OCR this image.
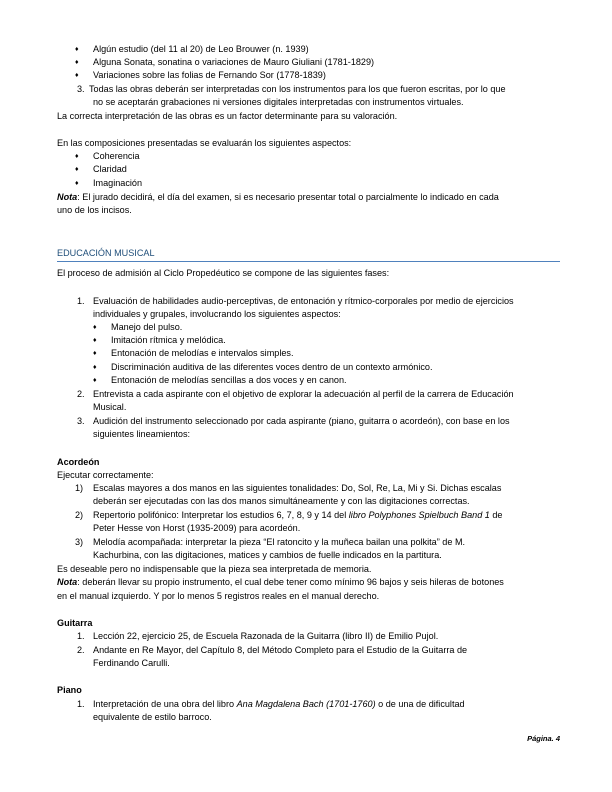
♦ Algún estudio (del 11 al 20) de Leo Brouwer (n. 1939)
♦ Alguna Sonata, sonatina o variaciones de Mauro Giuliani (1781-1829)
♦ Variaciones sobre las folias de Fernando Sor (1778-1839)
3. Todas las obras deberán ser interpretadas con los instrumentos para los que fueron escritas, por lo que
no se aceptarán grabaciones ni versiones digitales interpretadas con instrumentos virtuales.
La correcta interpretación de las obras es un factor determinante para su valoración.
En las composiciones presentadas se evaluarán los siguientes aspectos:
♦ Coherencia
♦ Claridad
♦ Imaginación
Nota: El jurado decidirá, el día del examen, si es necesario presentar total o parcialmente lo indicado en cada
uno de los incisos.
EDUCACIÓN MUSICAL
El proceso de admisión al Ciclo Propedéutico se compone de las siguientes fases:
1. Evaluación de habilidades audio-perceptivas, de entonación y rítmico-corporales por medio de ejercicios
individuales y grupales, involucrando los siguientes aspectos:
♦ Manejo del pulso.
♦ Imitación rítmica y melódica.
♦ Entonación de melodías e intervalos simples.
♦ Discriminación auditiva de las diferentes voces dentro de un contexto armónico.
♦ Entonación de melodías sencillas a dos voces y en canon.
2. Entrevista a cada aspirante con el objetivo de explorar la adecuación al perfil de la carrera de Educación
Musical.
3. Audición del instrumento seleccionado por cada aspirante (piano, guitarra o acordeón), con base en los
siguientes lineamientos:
Acordeón
Ejecutar correctamente:
1) Escalas mayores a dos manos en las siguientes tonalidades: Do, Sol, Re, La, Mi y Si. Dichas escalas
deberán ser ejecutadas con las dos manos simultáneamente y con las digitaciones correctas.
2) Repertorio polifónico: Interpretar los estudios 6, 7, 8, 9 y 14 del libro Polyphones Spielbuch Band 1 de
Peter Hesse von Horst (1935-2009) para acordeón.
3) Melodía acompañada: interpretar la pieza “El ratoncito y la muñeca bailan una polkita” de M.
Kachurbina, con las digitaciones, matices y cambios de fuelle indicados en la partitura.
Es deseable pero no indispensable que la pieza sea interpretada de memoria.
Nota: deberán llevar su propio instrumento, el cual debe tener como mínimo 96 bajos y seis hileras de botones
en el manual izquierdo. Y por lo menos 5 registros reales en el manual derecho.
Guitarra
1. Lección 22, ejercicio 25, de Escuela Razonada de la Guitarra (libro II) de Emilio Pujol.
2. Andante en Re Mayor, del Capítulo 8, del Método Completo para el Estudio de la Guitarra de
Ferdinando Carulli.
Piano
1. Interpretación de una obra del libro Ana Magdalena Bach (1701-1760) o de una de dificultad
equivalente de estilo barroco.
Página. 4
